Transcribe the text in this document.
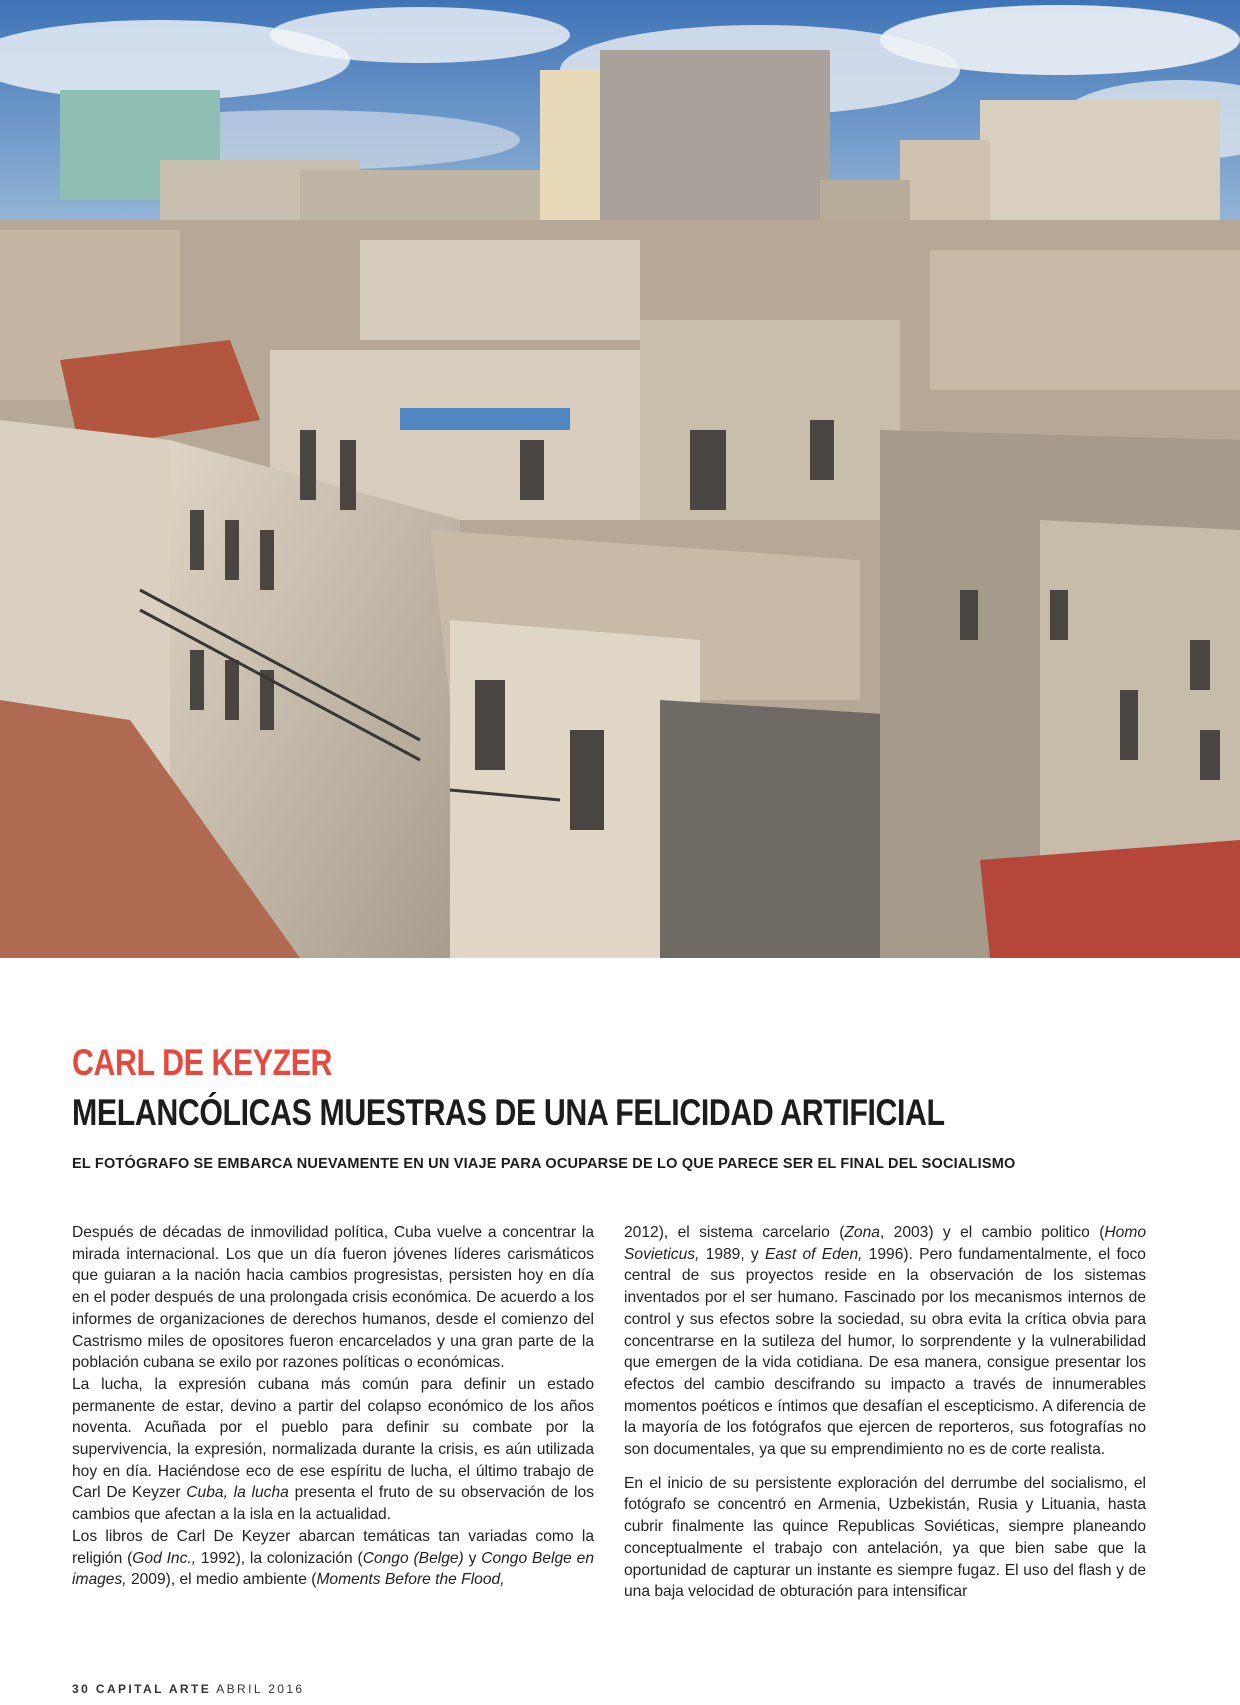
CARL DE KEYZER
MELANCÓLICAS MUESTRAS DE UNA FELICIDAD ARTIFICIAL

EL FOTÓGRAFO SE EMBARCA NUEVAMENTE EN UN VIAJE PARA OCUPARSE DE LO QUE PARECE SER EL FINAL DEL SOCIALISMO

Después de décadas de inmovilidad política, Cuba vuelve a concentrar la mirada internacional. Los que un día fueron jóvenes líderes carismáticos que guiaran a la nación hacia cambios progresistas, persisten hoy en día en el poder después de una prolongada crisis económica. De acuerdo a los informes de organizaciones de derechos humanos, desde el comienzo del Castrismo miles de opositores fueron encarcelados y una gran parte de la población cubana se exilo por razones políticas o económicas.

La lucha, la expresión cubana más común para definir un estado permanente de estar, devino a partir del colapso económico de los años noventa. Acuñada por el pueblo para definir su combate por la supervivencia, la expresión, normalizada durante la crisis, es aún utilizada hoy en día. Haciéndose eco de ese espíritu de lucha, el último trabajo de Carl De Keyzer Cuba, la lucha presenta el fruto de su observación de los cambios que afectan a la isla en la actualidad.

Los libros de Carl De Keyzer abarcan temáticas tan variadas como la religión (God Inc., 1992), la colonización (Congo (Belge) y Congo Belge en images, 2009), el medio ambiente (Moments Before the Flood,

2012), el sistema carcelario (Zona, 2003) y el cambio politico (Homo Sovieticus, 1989, y East of Eden, 1996). Pero fundamentalmente, el foco central de sus proyectos reside en la observación de los sistemas inventados por el ser humano. Fascinado por los mecanismos internos de control y sus efectos sobre la sociedad, su obra evita la crítica obvia para concentrarse en la sutileza del humor, lo sorprendente y la vulnerabilidad que emergen de la vida cotidiana. De esa manera, consigue presentar los efectos del cambio descifrando su impacto a través de innumerables momentos poéticos e íntimos que desafían el escepticismo. A diferencia de la mayoría de los fotógrafos que ejercen de reporteros, sus fotografías no son documentales, ya que su emprendimiento no es de corte realista.

En el inicio de su persistente exploración del derrumbe del socialismo, el fotógrafo se concentró en Armenia, Uzbekistán, Rusia y Lituania, hasta cubrir finalmente las quince Republicas Soviéticas, siempre planeando conceptualmente el trabajo con antelación, ya que bien sabe que la oportunidad de capturar un instante es siempre fugaz. El uso del flash y de una baja velocidad de obturación para intensificar

30 CAPITAL ARTE ABRIL 2016
